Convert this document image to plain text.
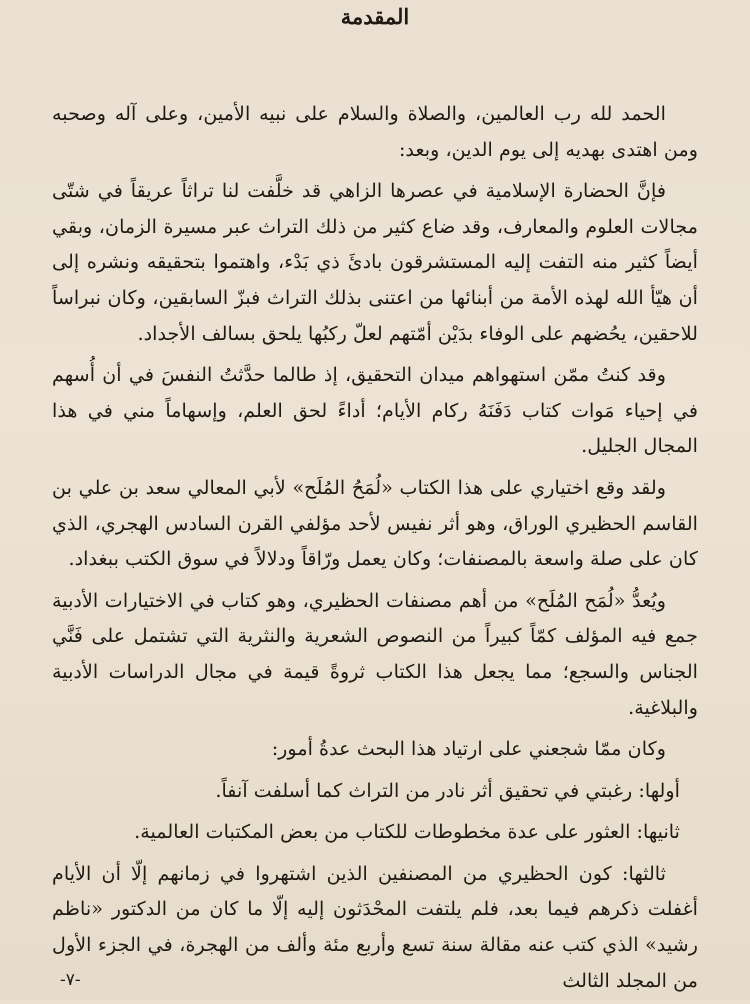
المقدمة

الحمد لله رب العالمين، والصلاة والسلام على نبيه الأمين، وعلى آله وصحبه ومن اهتدى بهديه إلى يوم الدين، وبعد:

فإنَّ الحضارة الإسلامية في عصرها الزاهي قد خلَّفت لنا تراثاً عريقاً في شتّى مجالات العلوم والمعارف، وقد ضاع كثير من ذلك التراث عبر مسيرة الزمان، وبقي أيضاً كثير منه التفت إليه المستشرقون بادئَ ذي بَدْء، واهتموا بتحقيقه ونشره إلى أن هيّأ الله لهذه الأمة من أبنائها من اعتنى بذلك التراث فبزّ السابقين، وكان نبراساً للاحقين، يحُضهم على الوفاء بدَيْن أمّتهم لعلّ ركبُها يلحق بسالف الأجداد.

وقد كنتُ ممّن استهواهم ميدان التحقيق، إذ طالما حدَّثتُ النفسَ في أن أُسهم في إحياء مَوات كتاب دَفَنَهُ ركام الأيام؛ أداءً لحق العلم، وإسهاماً مني في هذا المجال الجليل.

ولقد وقع اختياري على هذا الكتاب «لُمَحُ المُلَح» لأبي المعالي سعد بن علي بن القاسم الحظيري الوراق، وهو أثر نفيس لأحد مؤلفي القرن السادس الهجري، الذي كان على صلة واسعة بالمصنفات؛ وكان يعمل ورّاقاً ودلالاً في سوق الكتب ببغداد.

ويُعدُّ «لُمَح المُلَح» من أهم مصنفات الحظيري، وهو كتاب في الاختيارات الأدبية جمع فيه المؤلف كمّاً كبيراً من النصوص الشعرية والنثرية التي تشتمل على فَنَّي الجناس والسجع؛ مما يجعل هذا الكتاب ثروةً قيمة في مجال الدراسات الأدبية والبلاغية.

وكان ممّا شجعني على ارتياد هذا البحث عدةُ أمور:

أولها: رغبتي في تحقيق أثر نادر من التراث كما أسلفت آنفاً.

ثانيها: العثور على عدة مخطوطات للكتاب من بعض المكتبات العالمية.

ثالثها: كون الحظيري من المصنفين الذين اشتهروا في زمانهم إلّا أن الأيام أغفلت ذكرهم فيما بعد، فلم يلتفت المحْدَثون إليه إلّا ما كان من الدكتور «ناظم رشيد» الذي كتب عنه مقالة سنة تسع وأربع مئة وألف من الهجرة، في الجزء الأول من المجلد الثالث

-٧-
